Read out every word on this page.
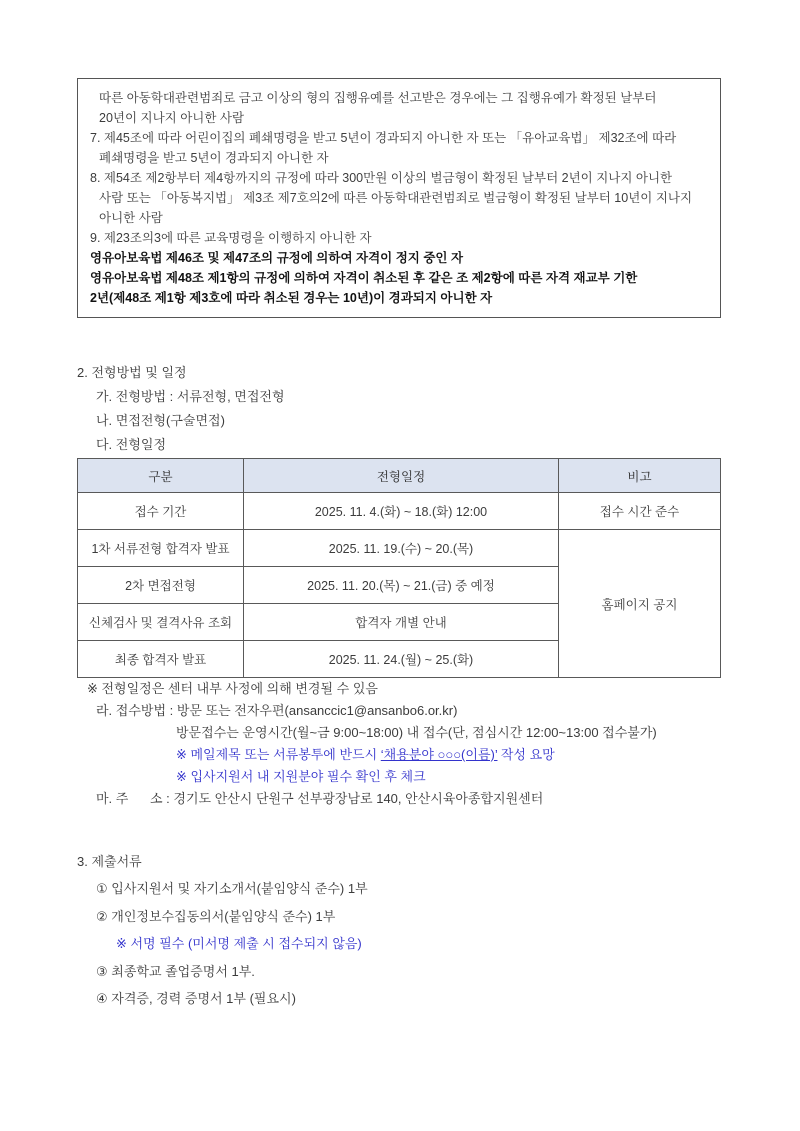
따른 아동학대관련범죄로 금고 이상의 형의 집행유예를 선고받은 경우에는 그 집행유예가 확정된 날부터
20년이 지나지 아니한 사람
7. 제45조에 따라 어린이집의 폐쇄명령을 받고 5년이 경과되지 아니한 자 또는 「유아교육법」 제32조에 따라
폐쇄명령을 받고 5년이 경과되지 아니한 자
8. 제54조 제2항부터 제4항까지의 규정에 따라 300만원 이상의 벌금형이 확정된 날부터 2년이 지나지 아니한
사람 또는 「아동복지법」 제3조 제7호의2에 따른 아동학대관련범죄로 벌금형이 확정된 날부터 10년이 지나지
아니한 사람
9. 제23조의3에 따른 교육명령을 이행하지 아니한 자
영유아보육법 제46조 및 제47조의 규정에 의하여 자격이 정지 중인 자
영유아보육법 제48조 제1항의 규정에 의하여 자격이 취소된 후 같은 조 제2항에 따른 자격 재교부 기한
2년(제48조 제1항 제3호에 따라 취소된 경우는 10년)이 경과되지 아니한 자
2. 전형방법 및 일정
가. 전형방법 : 서류전형, 면접전형
나. 면접전형(구술면접)
다. 전형일정
구분	전형일정	비고
접수 기간	2025. 11. 4.(화) ~ 18.(화) 12:00	접수 시간 준수
1차 서류전형 합격자 발표	2025. 11. 19.(수) ~ 20.(목)	홈페이지 공지
2차 면접전형	2025. 11. 20.(목) ~ 21.(금) 중 예정	
신체검사 및 결격사유 조회	합격자 개별 안내	
최종 합격자 발표	2025. 11. 24.(월) ~ 25.(화)	
※ 전형일정은 센터 내부 사정에 의해 변경될 수 있음
라. 접수방법 : 방문 또는 전자우편(ansanccic1@ansanbo6.or.kr)
방문접수는 운영시간(월~금 9:00~18:00) 내 접수(단, 점심시간 12:00~13:00 접수불가)
※ 메일제목 또는 서류봉투에 반드시 ‘채용분야 ○○○(이름)’ 작성 요망
※ 입사지원서 내 지원분야 필수 확인 후 체크
마. 주      소 : 경기도 안산시 단원구 선부광장남로 140, 안산시육아종합지원센터
3. 제출서류
① 입사지원서 및 자기소개서(붙임양식 준수) 1부
② 개인정보수집동의서(붙임양식 준수) 1부
※ 서명 필수 (미서명 제출 시 접수되지 않음)
③ 최종학교 졸업증명서 1부.
④ 자격증, 경력 증명서 1부 (필요시)
